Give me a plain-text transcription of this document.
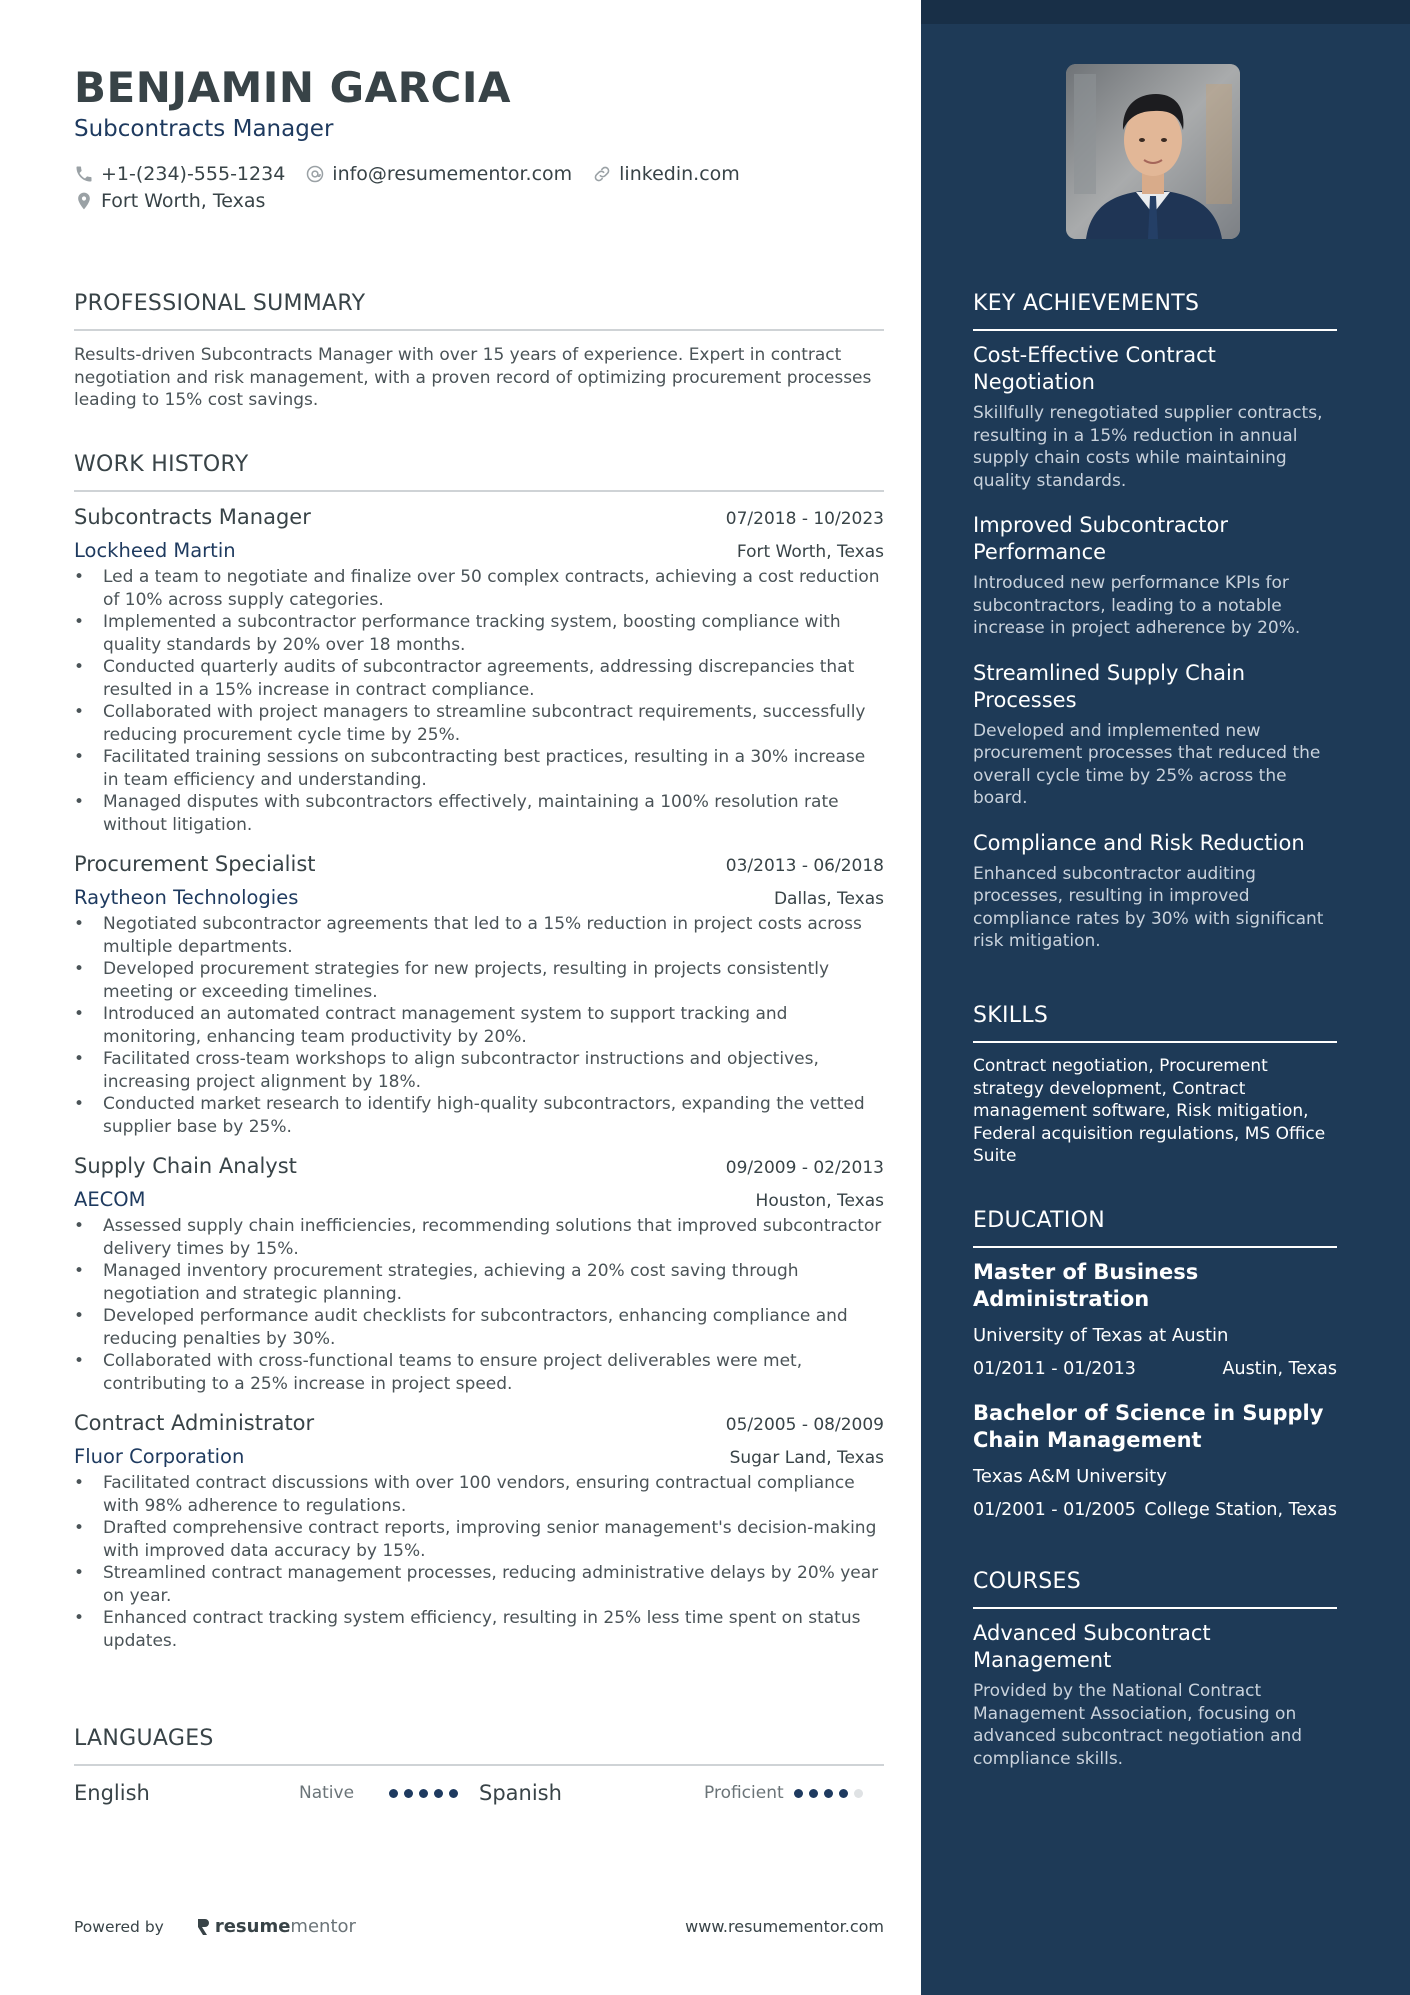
BENJAMIN GARCIA
Subcontracts Manager
+1-(234)-555-1234 info@resumementor.com linkedin.com
Fort Worth, Texas
PROFESSIONAL SUMMARY
Results-driven Subcontracts Manager with over 15 years of experience. Expert in contract negotiation and risk management, with a proven record of optimizing procurement processes leading to 15% cost savings.
WORK HISTORY
Subcontracts Manager	07/2018 - 10/2023
Lockheed Martin	Fort Worth, Texas
• Led a team to negotiate and finalize over 50 complex contracts, achieving a cost reduction of 10% across supply categories.
• Implemented a subcontractor performance tracking system, boosting compliance with quality standards by 20% over 18 months.
• Conducted quarterly audits of subcontractor agreements, addressing discrepancies that resulted in a 15% increase in contract compliance.
• Collaborated with project managers to streamline subcontract requirements, successfully reducing procurement cycle time by 25%.
• Facilitated training sessions on subcontracting best practices, resulting in a 30% increase in team efficiency and understanding.
• Managed disputes with subcontractors effectively, maintaining a 100% resolution rate without litigation.
Procurement Specialist	03/2013 - 06/2018
Raytheon Technologies	Dallas, Texas
• Negotiated subcontractor agreements that led to a 15% reduction in project costs across multiple departments.
• Developed procurement strategies for new projects, resulting in projects consistently meeting or exceeding timelines.
• Introduced an automated contract management system to support tracking and monitoring, enhancing team productivity by 20%.
• Facilitated cross-team workshops to align subcontractor instructions and objectives, increasing project alignment by 18%.
• Conducted market research to identify high-quality subcontractors, expanding the vetted supplier base by 25%.
Supply Chain Analyst	09/2009 - 02/2013
AECOM	Houston, Texas
• Assessed supply chain inefficiencies, recommending solutions that improved subcontractor delivery times by 15%.
• Managed inventory procurement strategies, achieving a 20% cost saving through negotiation and strategic planning.
• Developed performance audit checklists for subcontractors, enhancing compliance and reducing penalties by 30%.
• Collaborated with cross-functional teams to ensure project deliverables were met, contributing to a 25% increase in project speed.
Contract Administrator	05/2005 - 08/2009
Fluor Corporation	Sugar Land, Texas
• Facilitated contract discussions with over 100 vendors, ensuring contractual compliance with 98% adherence to regulations.
• Drafted comprehensive contract reports, improving senior management's decision-making with improved data accuracy by 15%.
• Streamlined contract management processes, reducing administrative delays by 20% year on year.
• Enhanced contract tracking system efficiency, resulting in 25% less time spent on status updates.
LANGUAGES
English	Native	Spanish	Proficient
Powered by	resume mentor	www.resumementor.com
KEY ACHIEVEMENTS
Cost-Effective Contract Negotiation
Skillfully renegotiated supplier contracts, resulting in a 15% reduction in annual supply chain costs while maintaining quality standards.
Improved Subcontractor Performance
Introduced new performance KPIs for subcontractors, leading to a notable increase in project adherence by 20%.
Streamlined Supply Chain Processes
Developed and implemented new procurement processes that reduced the overall cycle time by 25% across the board.
Compliance and Risk Reduction
Enhanced subcontractor auditing processes, resulting in improved compliance rates by 30% with significant risk mitigation.
SKILLS
Contract negotiation, Procurement strategy development, Contract management software, Risk mitigation, Federal acquisition regulations, MS Office Suite
EDUCATION
Master of Business Administration
University of Texas at Austin
01/2011 - 01/2013	Austin, Texas
Bachelor of Science in Supply Chain Management
Texas A&M University
01/2001 - 01/2005 College Station, Texas
COURSES
Advanced Subcontract Management
Provided by the National Contract Management Association, focusing on advanced subcontract negotiation and compliance skills.
